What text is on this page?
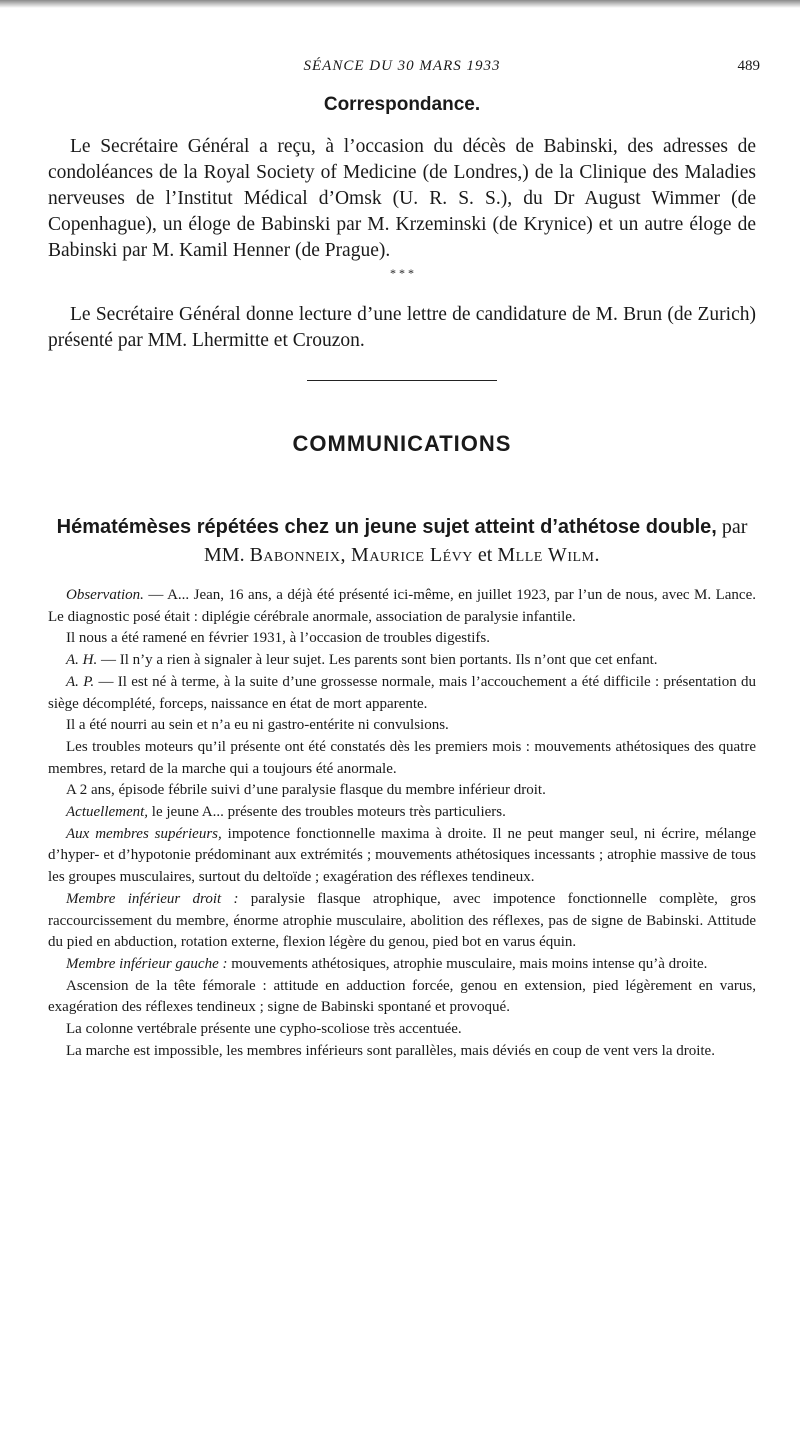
SÉANCE DU 30 MARS 1933	489
Correspondance.

Le Secrétaire Général a reçu, à l’occasion du décès de Babinski, des adresses de condoléances de la Royal Society of Medicine (de Londres,) de la Clinique des Maladies nerveuses de l’Institut Médical d’Omsk (U. R. S. S.), du Dr August Wimmer (de Copenhague), un éloge de Babinski par M. Krzeminski (de Krynice) et un autre éloge de Babinski par M. Kamil Henner (de Prague).

* * *

Le Secrétaire Général donne lecture d’une lettre de candidature de M. Brun (de Zurich) présenté par MM. Lhermitte et Crouzon.

COMMUNICATIONS
Hématémèses répétées chez un jeune sujet atteint d’athétose double, par MM. Babonneix, Maurice Lévy et Mlle Wilm.

Observation. — A... Jean, 16 ans, a déjà été présenté ici-même, en juillet 1923, par l’un de nous, avec M. Lance. Le diagnostic posé était : diplégie cérébrale anormale, association de paralysie infantile.

Il nous a été ramené en février 1931, à l’occasion de troubles digestifs.

A. H. — Il n’y a rien à signaler à leur sujet. Les parents sont bien portants. Ils n’ont que cet enfant.

A. P. — Il est né à terme, à la suite d’une grossesse normale, mais l’accouchement a été difficile : présentation du siège décomplété, forceps, naissance en état de mort apparente.

Il a été nourri au sein et n’a eu ni gastro-entérite ni convulsions.

Les troubles moteurs qu’il présente ont été constatés dès les premiers mois : mouvements athétosiques des quatre membres, retard de la marche qui a toujours été anormale.

A 2 ans, épisode fébrile suivi d’une paralysie flasque du membre inférieur droit.

Actuellement, le jeune A... présente des troubles moteurs très particuliers.

Aux membres supérieurs, impotence fonctionnelle maxima à droite. Il ne peut manger seul, ni écrire, mélange d’hyper- et d’hypotonie prédominant aux extrémités ; mouvements athétosiques incessants ; atrophie massive de tous les groupes musculaires, surtout du deltoïde ; exagération des réflexes tendineux.

Membre inférieur droit : paralysie flasque atrophique, avec impotence fonctionnelle complète, gros raccourcissement du membre, énorme atrophie musculaire, abolition des réflexes, pas de signe de Babinski. Attitude du pied en abduction, rotation externe, flexion légère du genou, pied bot en varus équin.

Membre inférieur gauche : mouvements athétosiques, atrophie musculaire, mais moins intense qu’à droite.

Ascension de la tête fémorale : attitude en adduction forcée, genou en extension, pied légèrement en varus, exagération des réflexes tendineux ; signe de Babinski spontané et provoqué.

La colonne vertébrale présente une cypho-scoliose très accentuée.

La marche est impossible, les membres inférieurs sont parallèles, mais déviés en coup de vent vers la droite.
